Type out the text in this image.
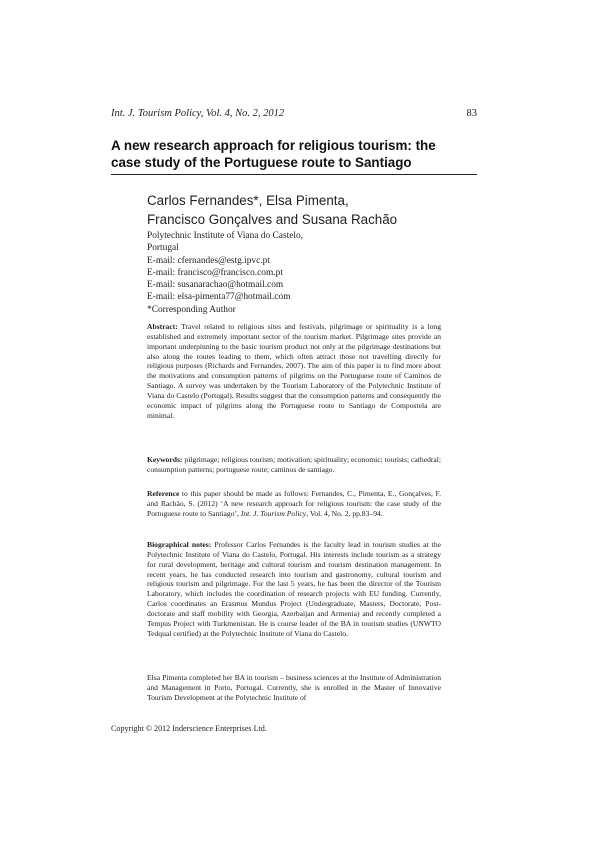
Int. J. Tourism Policy, Vol. 4, No. 2, 2012	83
A new research approach for religious tourism: the
case study of the Portuguese route to Santiago
Carlos Fernandes*, Elsa Pimenta,
Francisco Gonçalves and Susana Rachão
Polytechnic Institute of Viana do Castelo,
Portugal
E-mail: cfernandes@estg.ipvc.pt
E-mail: francisco@francisco.com.pt
E-mail: susanarachao@hotmail.com
E-mail: elsa-pimenta77@hotmail.com
*Corresponding Author
Abstract: Travel related to religious sites and festivals, pilgrimage or spirituality is a long established and extremely important sector of the tourism market. Pilgrimage sites provide an important underpinning to the basic tourism product not only at the pilgrimage destinations but also along the routes leading to them, which often attract those not travelling directly for religious purposes (Richards and Fernandes, 2007). The aim of this paper is to find more about the motivations and consumption patterns of pilgrims on the Portuguese route of Caminos de Santiago. A survey was undertaken by the Tourism Laboratory of the Polytechnic Institute of Viana do Castelo (Portugal). Results suggest that the consumption patterns and consequently the economic impact of pilgrims along the Portuguese route to Santiago de Compostela are minimal.
Keywords: pilgrimage; religious tourism; motivation; spirituality; economic; tourists; cathedral; consumption patterns; portuguese route; caminos de santiago.
Reference to this paper should be made as follows: Fernandes, C., Pimenta, E., Gonçalves, F. and Rachão, S. (2012) ‘A new research approach for religious tourism: the case study of the Portuguese route to Santiago’, Int. J. Tourism Policy, Vol. 4, No. 2, pp.83–94.
Biographical notes: Professor Carlos Fernandes is the faculty lead in tourism studies at the Polytechnic Institute of Viana do Castelo, Portugal. His interests include tourism as a strategy for rural development, heritage and cultural tourism and tourism destination management. In recent years, he has conducted research into tourism and gastronomy, cultural tourism and religious tourism and pilgrimage. For the last 5 years, he has been the director of the Tourism Laboratory, which includes the coordination of research projects with EU funding. Currently, Carlos coordinates an Erasmus Mundus Project (Undergraduate, Masters, Doctorate, Post-doctorate and staff mobility with Georgia, Azerbaijan and Armenia) and recently completed a Tempus Project with Turkmenistan. He is course leader of the BA in tourism studies (UNWTO Tedqual certified) at the Polytechnic Institute of Viana do Castelo.
Elsa Pimenta completed her BA in tourism – business sciences at the Institute of Administration and Management in Porto, Portugal. Currently, she is enrolled in the Master of Innovative Tourism Development at the Polytechnic Institute of
Copyright © 2012 Inderscience Enterprises Ltd.
